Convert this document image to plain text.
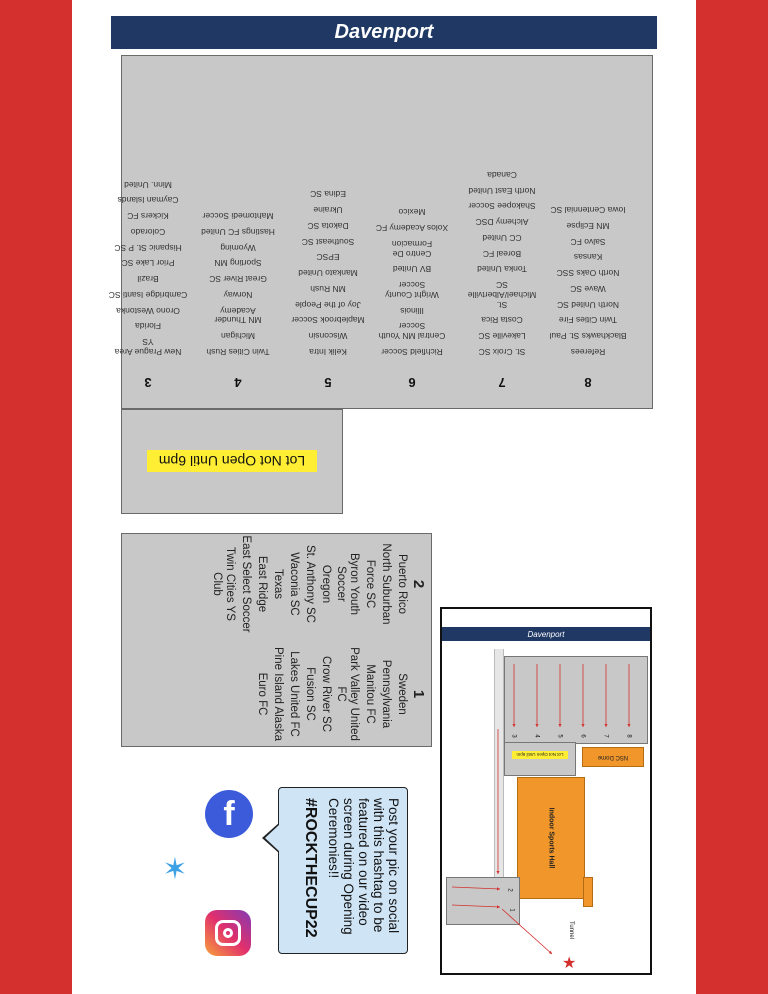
Davenport
8
Referees
Blackhawks St. Paul
Twin Cities Fire
North United SC
Wave SC
North Oaks SSC
Kansas
Salvo FC
MN Eclipse
Iowa Centennial SC
7
St. Croix SC
Lakeville SC
Costa Rica
St. Michael/Albertville SC
Tonka United
Boreal FC
CC United
Alchemy DSC
Shakopee Soccer
North East United
Canada
6
Richfield Soccer
Central MN Youth Soccer
Illinois
Wright County Soccer
BV United
Centro De Formacion
Xolos Academy FC
Mexico
5
Kelik Intra
Wisconsin
Maplebrook Soccer
Joy of the People
MN Rush
Mankato United
EPSC
Southeast SC
Dakota SC
Ukraine
Edina SC
4
Twin Cities Rush
Michigan
MN Thunder Academy
Norway
Great River SC
Sporting MN
Wyoming
Hastings FC United
Mahtomedi Soccer
3
New Prague Area YS
Florida
Orono Westonka
Cambridge Isanti SC
Brazil
Prior Lake SC
Hispanic St. P SC
Colorado
Kickers FC
Cayman Islands
Minn. United
Lot Not Open Until 6pm
2
Puerto Rico
North Suburban
Force SC
Byron Youth Soccer
Oregon
St. Anthony SC
Waconia SC
Texas
East Ridge
East Select Soccer
Twin Cities YS Club
1
Sweden
Pennsylvania
Manitou FC
Park Valley United FC
Crow River SC
Fusion SC
Lakes United FC
Pine Island Alaska
Euro FC
f
✶	Post your pic on social with this hashtag to be featured on our video screen during Opening Ceremonies!!
#ROCKTHECUP22
Davenport
Lot Not Open Until 6pm	NSC Dome
Indoor Sports Hall
3	4	5	6	7	8
2
1
Tunnel
★
